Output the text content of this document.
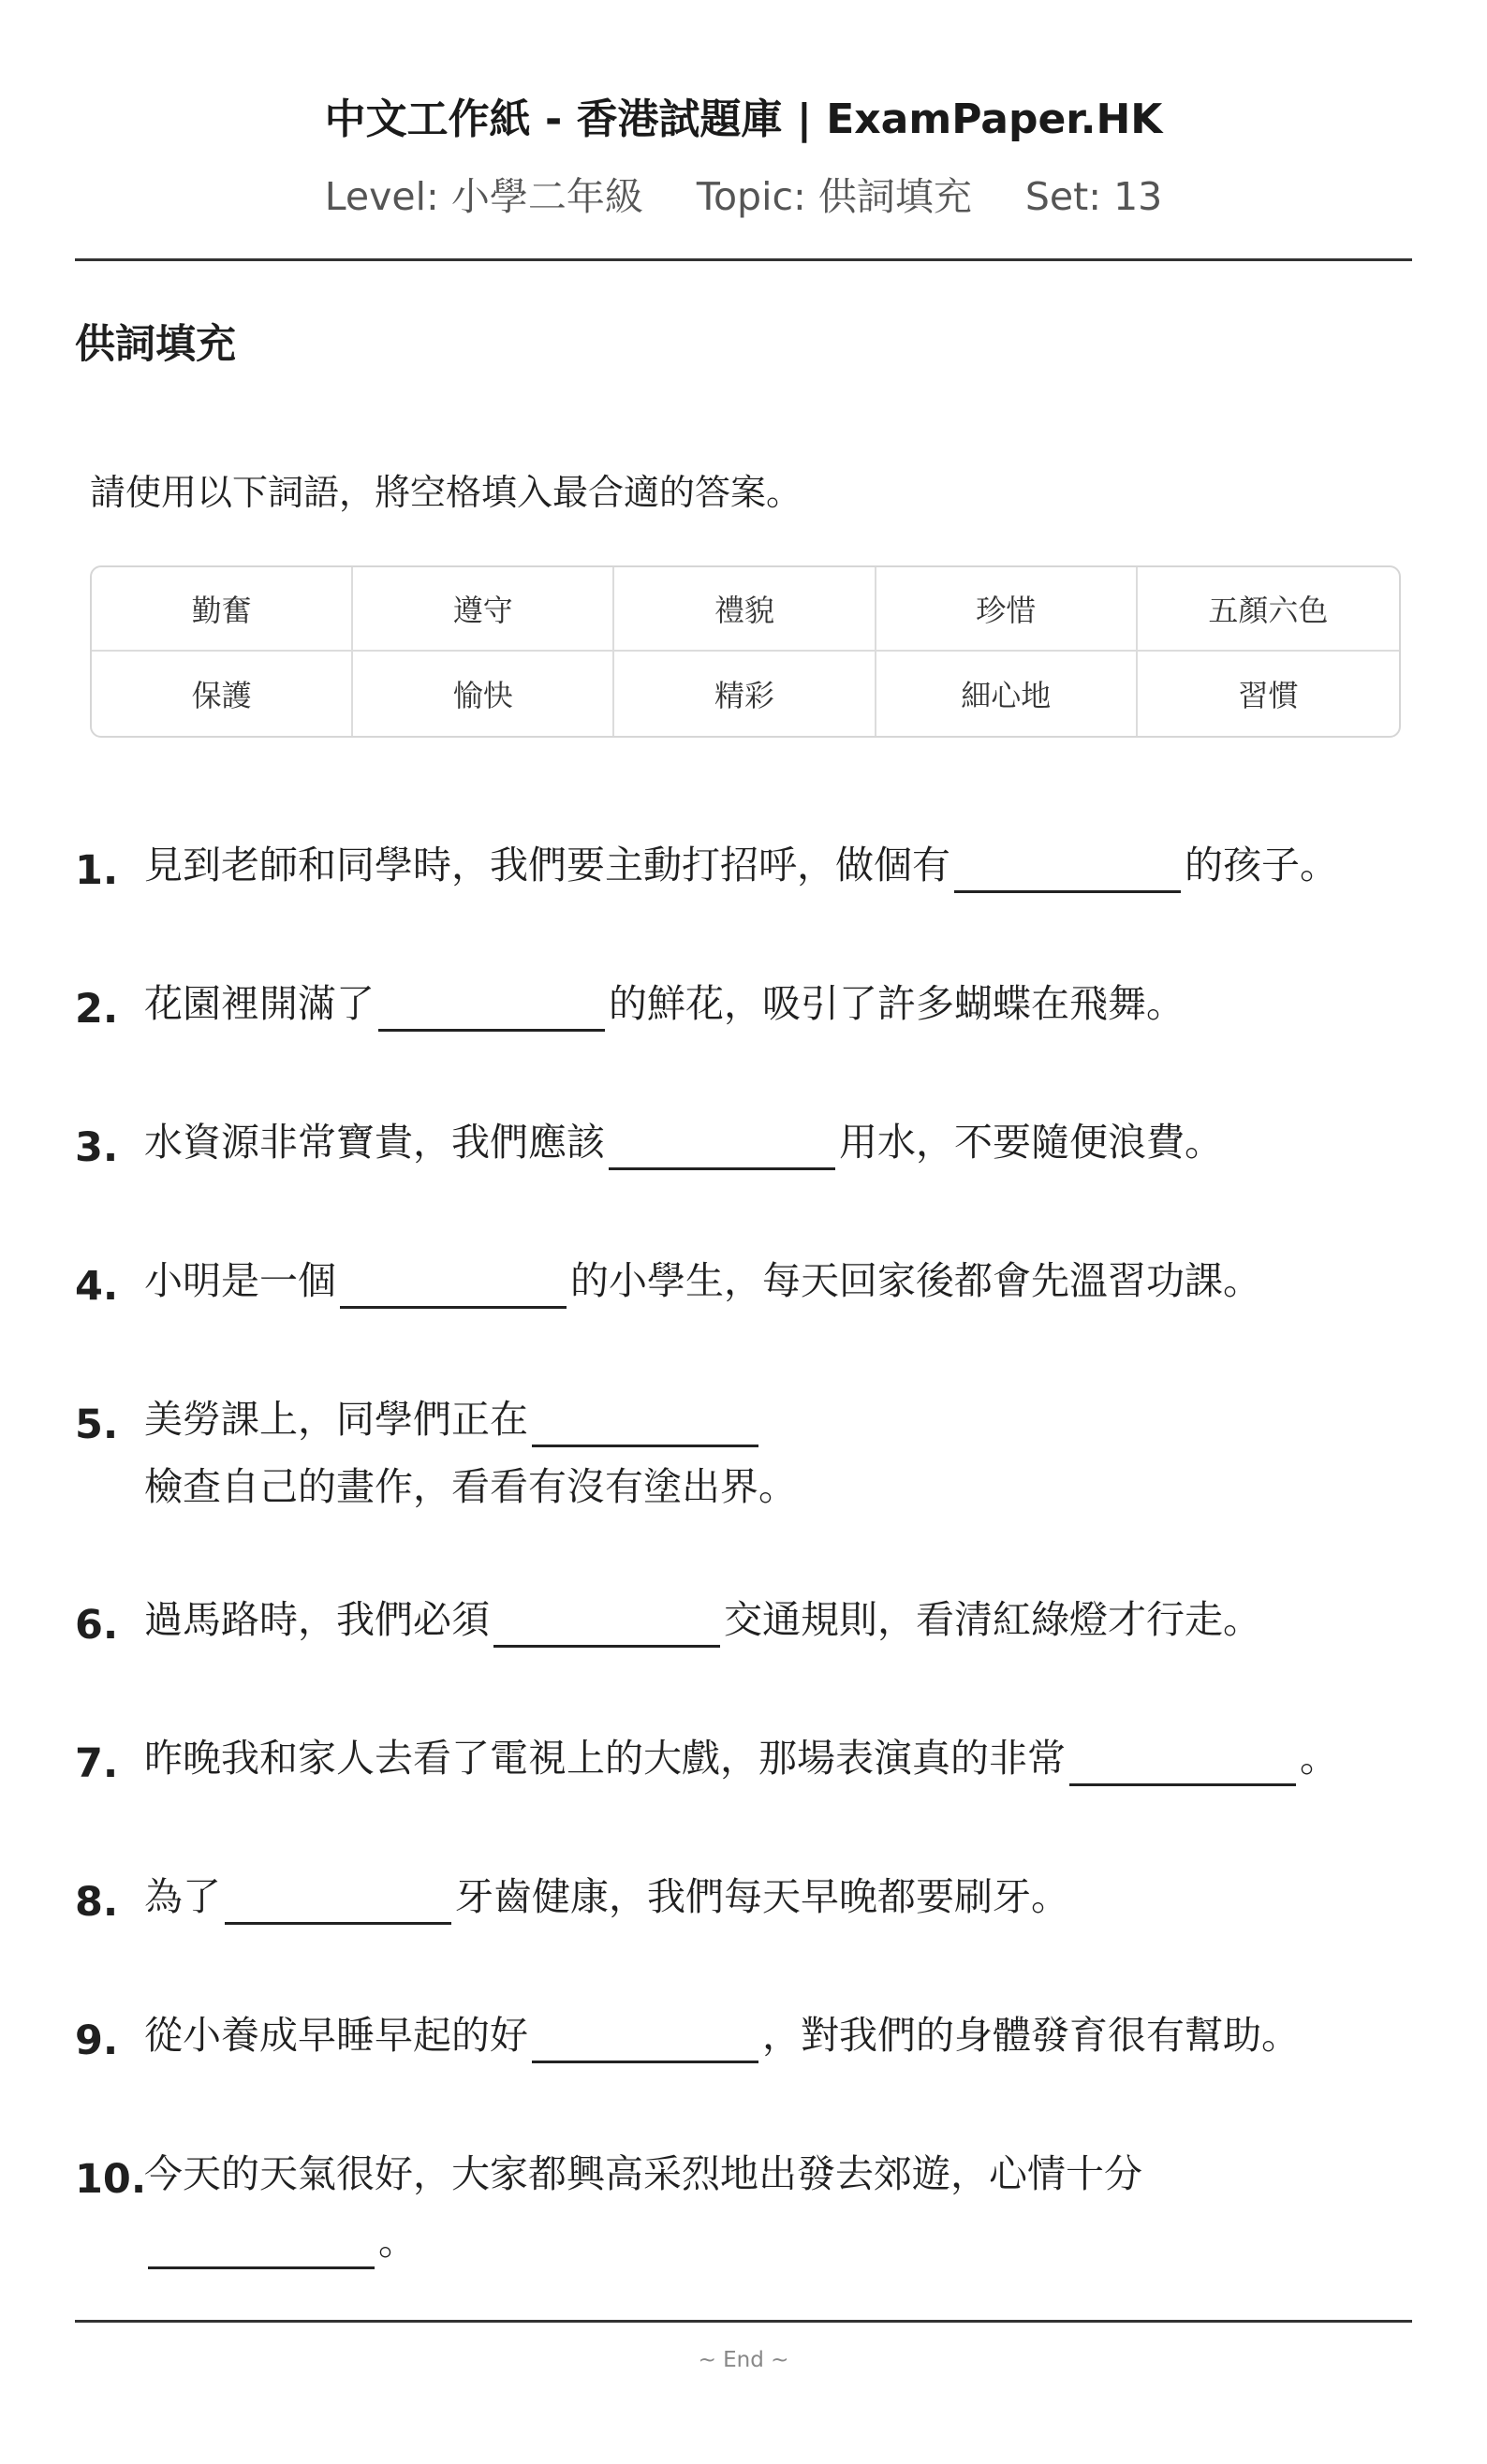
中文工作紙 - 香港試題庫 | ExamPaper.HK
Level: 小學二年級 Topic: 供詞填充 Set: 13
供詞填充
請使用以下詞語，將空格填入最合適的答案。
勤奮	遵守	禮貌	珍惜	五顏六色
保護	愉快	精彩	細心地	習慣
1. 見到老師和同學時，我們要主動打招呼，做個有	的孩子。
2. 花園裡開滿了	的鮮花，吸引了許多蝴蝶在飛舞。
3. 水資源非常寶貴，我們應該	用水，不要隨便浪費。
4. 小明是一個	的小學生，每天回家後都會先溫習功課。
5. 美勞課上，同學們正在
檢查自己的畫作，看看有沒有塗出界。
6. 過馬路時，我們必須	交通規則，看清紅綠燈才行走。
7. 昨晚我和家人去看了電視上的大戲，那場表演真的非常	。
8. 為了	牙齒健康，我們每天早晚都要刷牙。
9. 從小養成早睡早起的好	，對我們的身體發育很有幫助。
10.
今天的天氣很好，大家都興高采烈地出發去郊遊，心情十分
。
~ End ~
